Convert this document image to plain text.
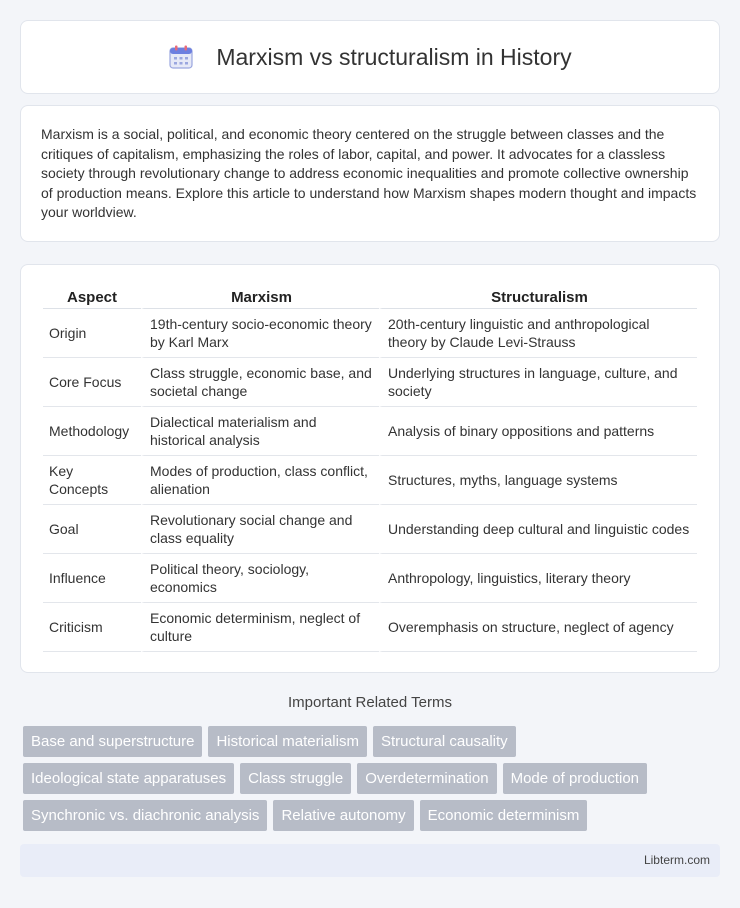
Marxism vs structuralism in History

Marxism is a social, political, and economic theory centered on the struggle between classes and the critiques of capitalism, emphasizing the roles of labor, capital, and power. It advocates for a classless society through revolutionary change to address economic inequalities and promote collective ownership of production means. Explore this article to understand how Marxism shapes modern thought and impacts your worldview.

Aspect	Marxism	Structuralism
Origin	19th-century socio-economic theory by Karl Marx	20th-century linguistic and anthropological theory by Claude Levi-Strauss
Core Focus	Class struggle, economic base, and societal change	Underlying structures in language, culture, and society
Methodology	Dialectical materialism and historical analysis	Analysis of binary oppositions and patterns
Key Concepts	Modes of production, class conflict, alienation	Structures, myths, language systems
Goal	Revolutionary social change and class equality	Understanding deep cultural and linguistic codes
Influence	Political theory, sociology, economics	Anthropology, linguistics, literary theory
Criticism	Economic determinism, neglect of culture	Overemphasis on structure, neglect of agency
Important Related Terms
Base and superstructure	Historical materialism	Structural causality
Ideological state apparatuses	Class struggle	Overdetermination	Mode of production
Synchronic vs. diachronic analysis	Relative autonomy	Economic determinism
Libterm.com
